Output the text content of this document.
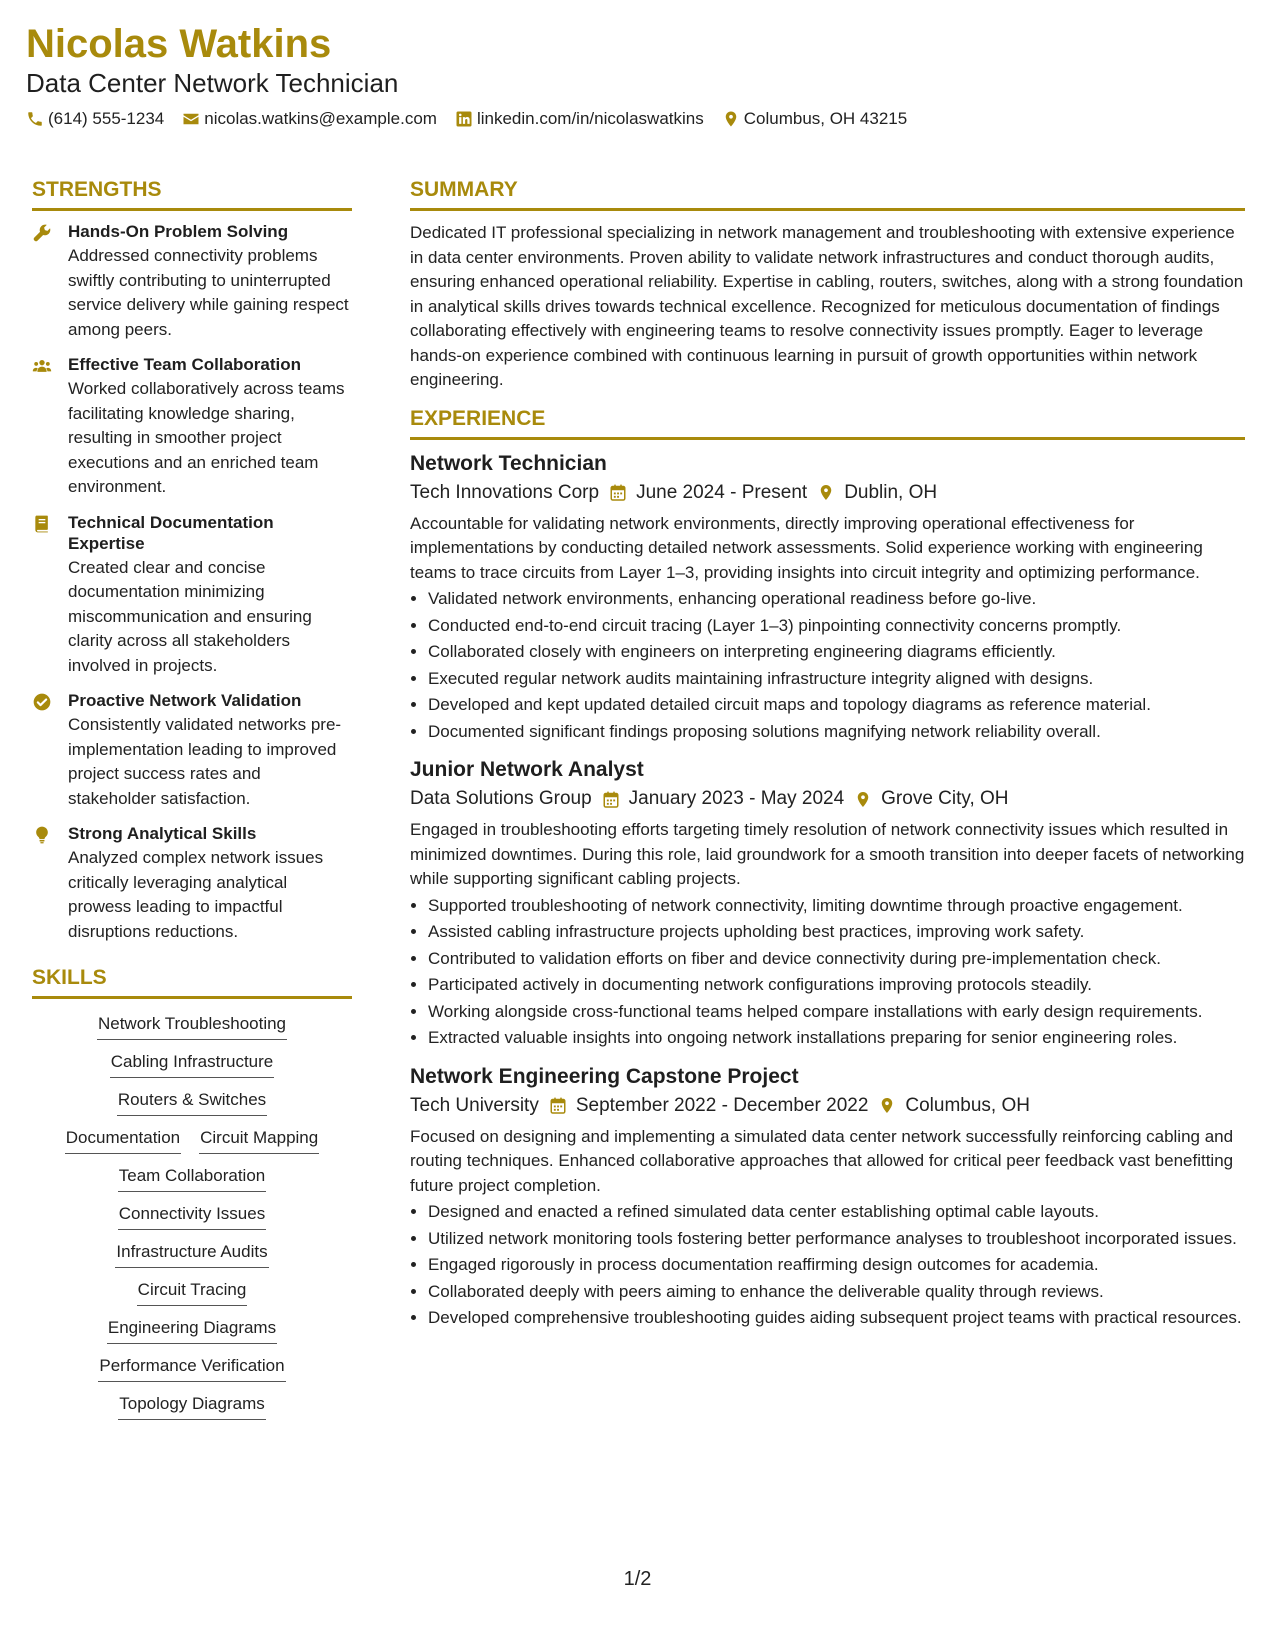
Nicolas Watkins
Data Center Network Technician
(614) 555-1234 nicolas.watkins@example.com linkedin.com/in/nicolaswatkins Columbus, OH 43215
STRENGTHS
Hands-On Problem Solving
Addressed connectivity problems swiftly contributing to uninterrupted service delivery while gaining respect among peers.
Effective Team Collaboration
Worked collaboratively across teams facilitating knowledge sharing, resulting in smoother project executions and an enriched team environment.
Technical Documentation Expertise
Created clear and concise documentation minimizing miscommunication and ensuring clarity across all stakeholders involved in projects.
Proactive Network Validation
Consistently validated networks pre-implementation leading to improved project success rates and stakeholder satisfaction.
Strong Analytical Skills
Analyzed complex network issues critically leveraging analytical prowess leading to impactful disruptions reductions.
SKILLS
Network Troubleshooting
Cabling Infrastructure
Routers & Switches
Documentation Circuit Mapping
Team Collaboration
Connectivity Issues
Infrastructure Audits
Circuit Tracing
Engineering Diagrams
Performance Verification
Topology Diagrams
SUMMARY
Dedicated IT professional specializing in network management and troubleshooting with extensive experience in data center environments. Proven ability to validate network infrastructures and conduct thorough audits, ensuring enhanced operational reliability. Expertise in cabling, routers, switches, along with a strong foundation in analytical skills drives towards technical excellence. Recognized for meticulous documentation of findings collaborating effectively with engineering teams to resolve connectivity issues promptly. Eager to leverage hands-on experience combined with continuous learning in pursuit of growth opportunities within network engineering.
EXPERIENCE
Network Technician
Tech Innovations Corp June 2024 - Present Dublin, OH
Accountable for validating network environments, directly improving operational effectiveness for implementations by conducting detailed network assessments. Solid experience working with engineering teams to trace circuits from Layer 1–3, providing insights into circuit integrity and optimizing performance.
• Validated network environments, enhancing operational readiness before go-live.
• Conducted end-to-end circuit tracing (Layer 1–3) pinpointing connectivity concerns promptly.
• Collaborated closely with engineers on interpreting engineering diagrams efficiently.
• Executed regular network audits maintaining infrastructure integrity aligned with designs.
• Developed and kept updated detailed circuit maps and topology diagrams as reference material.
• Documented significant findings proposing solutions magnifying network reliability overall.
Junior Network Analyst
Data Solutions Group January 2023 - May 2024 Grove City, OH
Engaged in troubleshooting efforts targeting timely resolution of network connectivity issues which resulted in minimized downtimes. During this role, laid groundwork for a smooth transition into deeper facets of networking while supporting significant cabling projects.
• Supported troubleshooting of network connectivity, limiting downtime through proactive engagement.
• Assisted cabling infrastructure projects upholding best practices, improving work safety.
• Contributed to validation efforts on fiber and device connectivity during pre-implementation check.
• Participated actively in documenting network configurations improving protocols steadily.
• Working alongside cross-functional teams helped compare installations with early design requirements.
• Extracted valuable insights into ongoing network installations preparing for senior engineering roles.
Network Engineering Capstone Project
Tech University September 2022 - December 2022 Columbus, OH
Focused on designing and implementing a simulated data center network successfully reinforcing cabling and routing techniques. Enhanced collaborative approaches that allowed for critical peer feedback vast benefitting future project completion.
• Designed and enacted a refined simulated data center establishing optimal cable layouts.
• Utilized network monitoring tools fostering better performance analyses to troubleshoot incorporated issues.
• Engaged rigorously in process documentation reaffirming design outcomes for academia.
• Collaborated deeply with peers aiming to enhance the deliverable quality through reviews.
• Developed comprehensive troubleshooting guides aiding subsequent project teams with practical resources.
1/2
